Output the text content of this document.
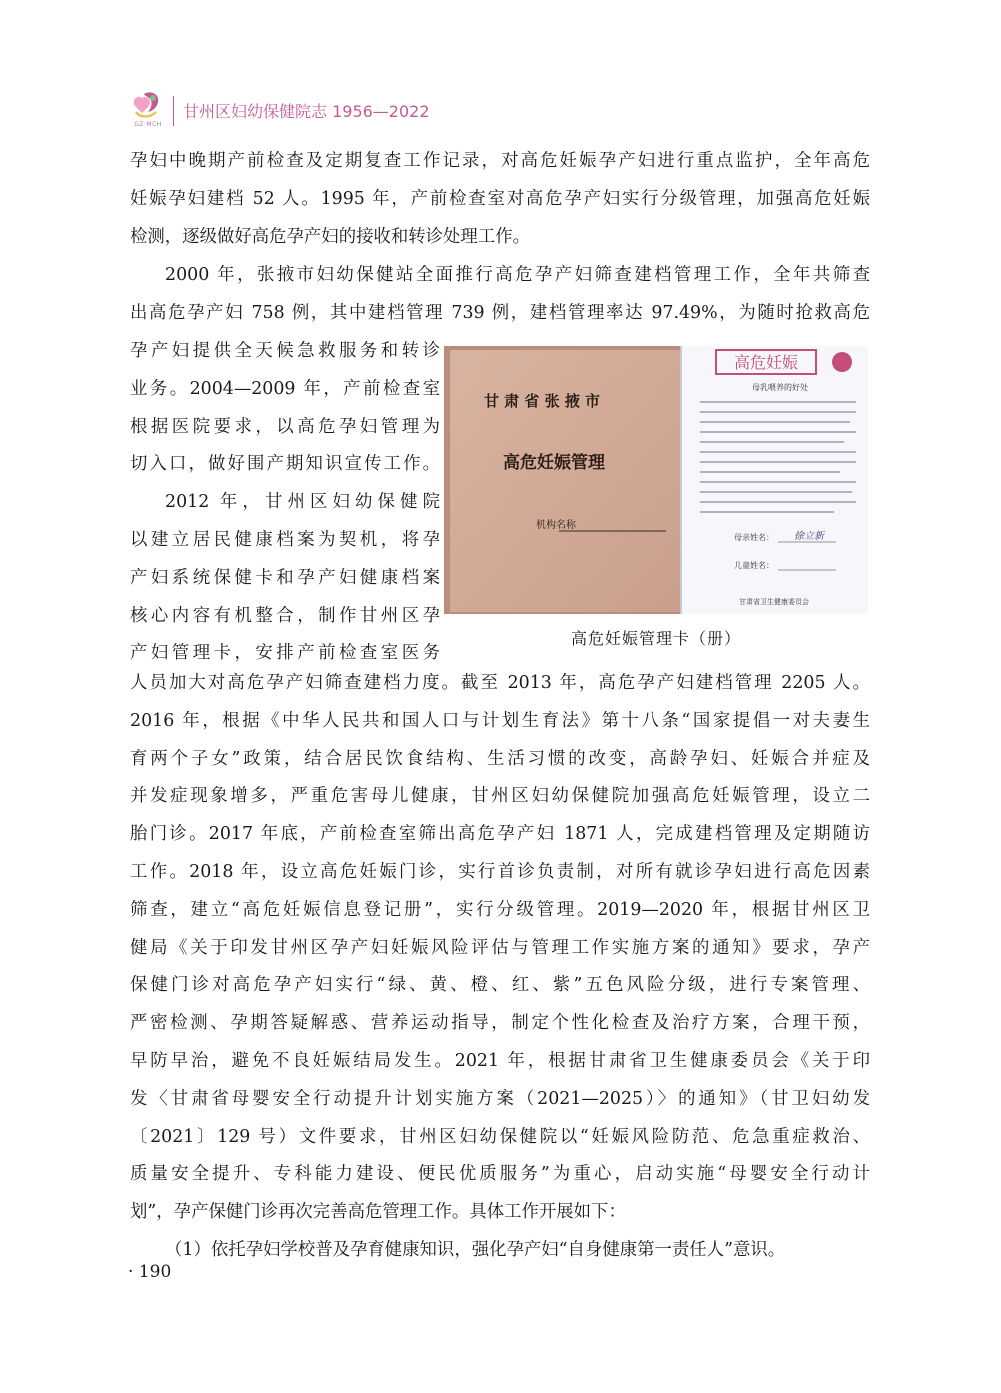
GZ·MCH
甘州区妇幼保健院志 1956—2022
孕妇中晚期产前检查及定期复查工作记录，对高危妊娠孕产妇进行重点监护，全年高危
妊娠孕妇建档 52 人。1995 年，产前检查室对高危孕产妇实行分级管理，加强高危妊娠
检测，逐级做好高危孕产妇的接收和转诊处理工作。
2000 年，张掖市妇幼保健站全面推行高危孕产妇筛查建档管理工作，全年共筛查
出高危孕产妇 758 例，其中建档管理 739 例，建档管理率达 97.49%，为随时抢救高危
孕产妇提供全天候急救服务和转诊
业务。2004—2009 年，产前检查室
根据医院要求，以高危孕妇管理为
切入口，做好围产期知识宣传工作。
2012 年，甘州区妇幼保健院
以建立居民健康档案为契机，将孕
产妇系统保健卡和孕产妇健康档案
核心内容有机整合，制作甘州区孕
产妇管理卡，安排产前检查室医务
甘 肃 省 张 掖 市
高危妊娠管理
机构名称
高危妊娠
母乳喂养的好处
母亲姓名： 徐立新
儿童姓名：
甘肃省卫生健康委员会
高危妊娠管理卡（册）
人员加大对高危孕产妇筛查建档力度。截至 2013 年，高危孕产妇建档管理 2205 人。
2016 年，根据《中华人民共和国人口与计划生育法》第十八条“国家提倡一对夫妻生
育两个子女”政策，结合居民饮食结构、生活习惯的改变，高龄孕妇、妊娠合并症及
并发症现象增多，严重危害母儿健康，甘州区妇幼保健院加强高危妊娠管理，设立二
胎门诊。2017 年底，产前检查室筛出高危孕产妇 1871 人，完成建档管理及定期随访
工作。2018 年，设立高危妊娠门诊，实行首诊负责制，对所有就诊孕妇进行高危因素
筛查，建立“高危妊娠信息登记册”，实行分级管理。2019—2020 年，根据甘州区卫
健局《关于印发甘州区孕产妇妊娠风险评估与管理工作实施方案的通知》要求，孕产
保健门诊对高危孕产妇实行“绿、黄、橙、红、紫”五色风险分级，进行专案管理、
严密检测、孕期答疑解惑、营养运动指导，制定个性化检查及治疗方案，合理干预，
早防早治，避免不良妊娠结局发生。2021 年，根据甘肃省卫生健康委员会《关于印
发〈甘肃省母婴安全行动提升计划实施方案（2021—2025）〉的通知》（甘卫妇幼发
〔2021〕129 号）文件要求，甘州区妇幼保健院以“妊娠风险防范、危急重症救治、
质量安全提升、专科能力建设、便民优质服务”为重心，启动实施“母婴安全行动计
划”，孕产保健门诊再次完善高危管理工作。具体工作开展如下：
（1）依托孕妇学校普及孕育健康知识，强化孕产妇“自身健康第一责任人”意识。
· 190
